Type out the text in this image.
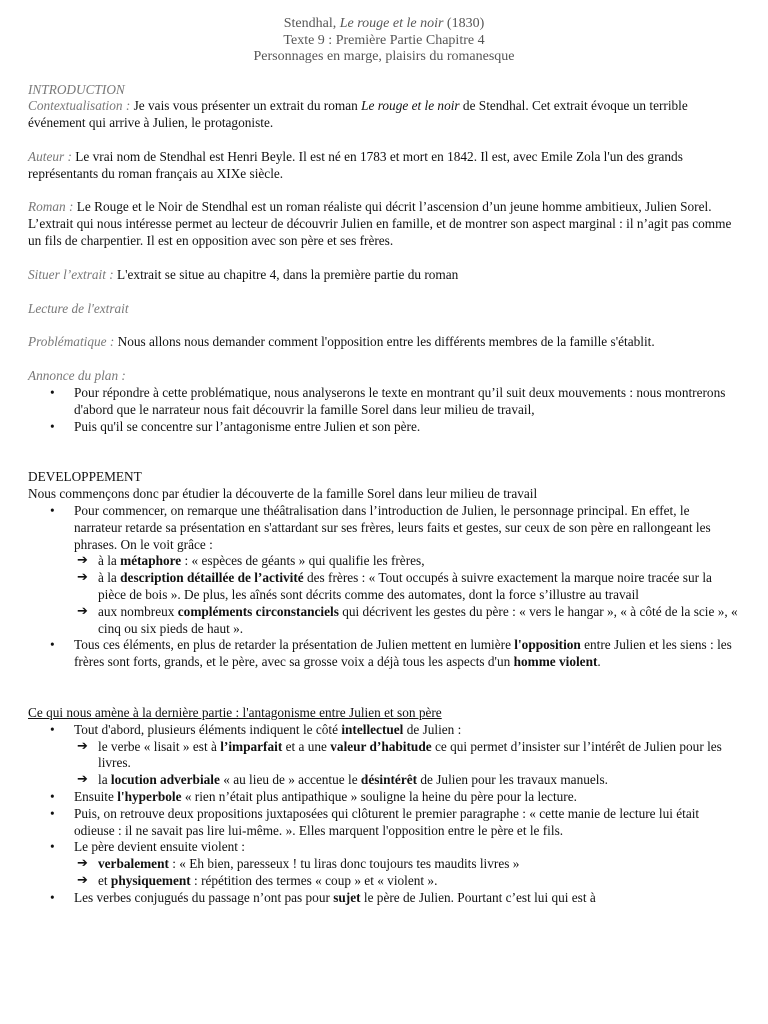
Stendhal, Le rouge et le noir (1830)
Texte 9 : Première Partie Chapitre 4
Personnages en marge, plaisirs du romanesque

INTRODUCTION

Contextualisation : Je vais vous présenter un extrait du roman Le rouge et le noir de Stendhal. Cet extrait évoque un terrible événement qui arrive à Julien, le protagoniste.

Auteur : Le vrai nom de Stendhal est Henri Beyle. Il est né en 1783 et mort en 1842. Il est, avec Emile Zola l'un des grands représentants du roman français au XIXe siècle.

Roman : Le Rouge et le Noir de Stendhal est un roman réaliste qui décrit l’ascension d’un jeune homme ambitieux, Julien Sorel. L’extrait qui nous intéresse permet au lecteur de découvrir Julien en famille, et de montrer son aspect marginal : il n’agit pas comme un fils de charpentier. Il est en opposition avec son père et ses frères.

Situer l’extrait : L'extrait se situe au chapitre 4, dans la première partie du roman

Lecture de l'extrait

Problématique : Nous allons nous demander comment l'opposition entre les différents membres de la famille s'établit.

Annonce du plan :

• Pour répondre à cette problématique, nous analyserons le texte en montrant qu’il suit deux mouvements : nous montrerons d'abord que le narrateur nous fait découvrir la famille Sorel dans leur milieu de travail,
• Puis qu'il se concentre sur l’antagonisme entre Julien et son père.

DEVELOPPEMENT

Nous commençons donc par étudier la découverte de la famille Sorel dans leur milieu de travail

• Pour commencer, on remarque une théâtralisation dans l’introduction de Julien, le personnage principal. En effet, le narrateur retarde sa présentation en s'attardant sur ses frères, leurs faits et gestes, sur ceux de son père en rallongeant les phrases. On le voit grâce :
➔ à la métaphore : « espèces de géants » qui qualifie les frères,
➔ à la description détaillée de l’activité des frères : « Tout occupés à suivre exactement la marque noire tracée sur la pièce de bois ». De plus, les aînés sont décrits comme des automates, dont la force s’illustre au travail
➔ aux nombreux compléments circonstanciels qui décrivent les gestes du père : « vers le hangar », « à côté de la scie », « cinq ou six pieds de haut ».
• Tous ces éléments, en plus de retarder la présentation de Julien mettent en lumière l'opposition entre Julien et les siens : les frères sont forts, grands, et le père, avec sa grosse voix a déjà tous les aspects d'un homme violent.

Ce qui nous amène à la dernière partie : l'antagonisme entre Julien et son père

• Tout d'abord, plusieurs éléments indiquent le côté intellectuel de Julien :
➔ le verbe « lisait » est à l’imparfait et a une valeur d’habitude ce qui permet d’insister sur l’intérêt de Julien pour les livres.
➔ la locution adverbiale « au lieu de » accentue le désintérêt de Julien pour les travaux manuels.
• Ensuite l'hyperbole « rien n’était plus antipathique » souligne la heine du père pour la lecture.
• Puis, on retrouve deux propositions juxtaposées qui clôturent le premier paragraphe : « cette manie de lecture lui était odieuse : il ne savait pas lire lui-même. ». Elles marquent l'opposition entre le père et le fils.
• Le père devient ensuite violent :
➔ verbalement : « Eh bien, paresseux ! tu liras donc toujours tes maudits livres »
➔ et physiquement : répétition des termes « coup » et « violent ».
• Les verbes conjugués du passage n’ont pas pour sujet le père de Julien. Pourtant c’est lui qui est à
